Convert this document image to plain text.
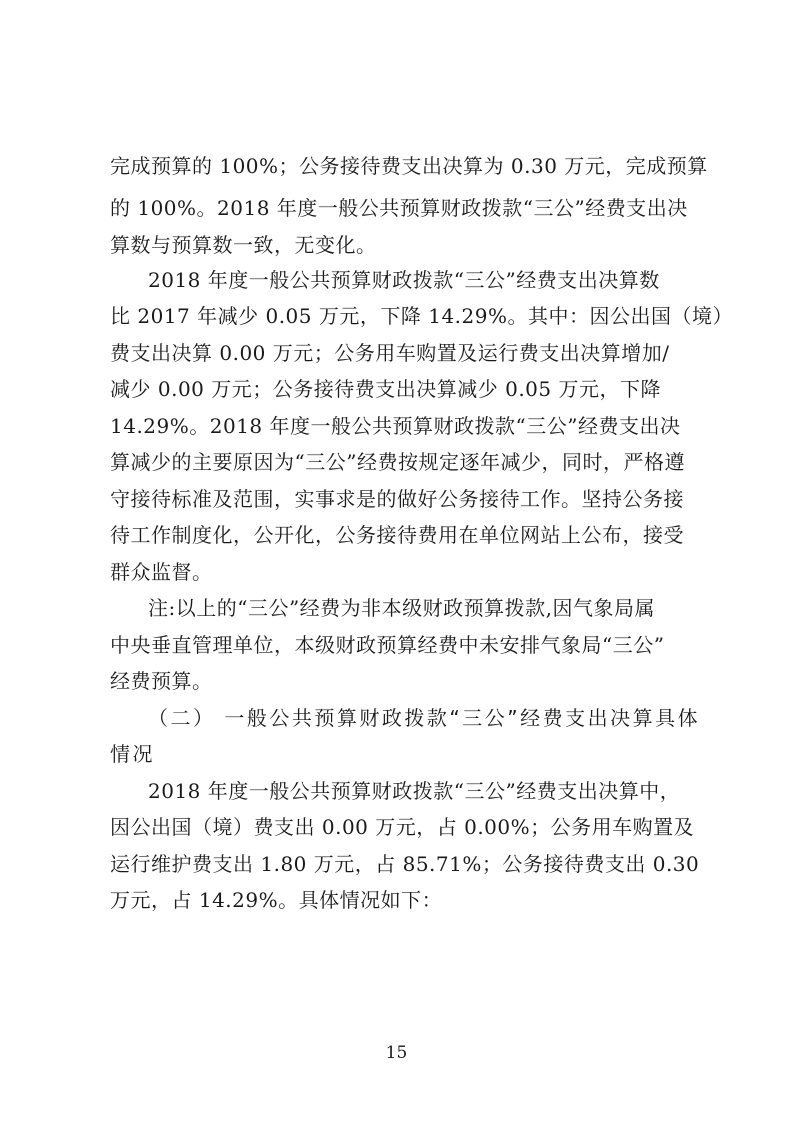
完成预算的 100%；公务接待费支出决算为 0.30 万元，完成预算
的 100%。2018 年度一般公共预算财政拨款“三公”经费支出决
算数与预算数一致，无变化。
2018 年度一般公共预算财政拨款“三公”经费支出决算数
比 2017 年减少 0.05 万元，下降 14.29%。其中：因公出国（境）
费支出决算 0.00 万元；公务用车购置及运行费支出决算增加/
减少 0.00 万元；公务接待费支出决算减少 0.05 万元，下降
14.29%。2018 年度一般公共预算财政拨款“三公”经费支出决
算减少的主要原因为“三公”经费按规定逐年减少，同时，严格遵
守接待标准及范围，实事求是的做好公务接待工作。坚持公务接
待工作制度化，公开化，公务接待费用在单位网站上公布，接受
群众监督。
注:以上的“三公”经费为非本级财政预算拨款,因气象局属
中央垂直管理单位，本级财政预算经费中未安排气象局“三公”
经费预算。
（二） 一般公共预算财政拨款“三公”经费支出决算具体
情况
2018 年度一般公共预算财政拨款“三公”经费支出决算中，
因公出国（境）费支出 0.00 万元，占 0.00%；公务用车购置及
运行维护费支出 1.80 万元，占 85.71%；公务接待费支出 0.30
万元，占 14.29%。具体情况如下：
15
